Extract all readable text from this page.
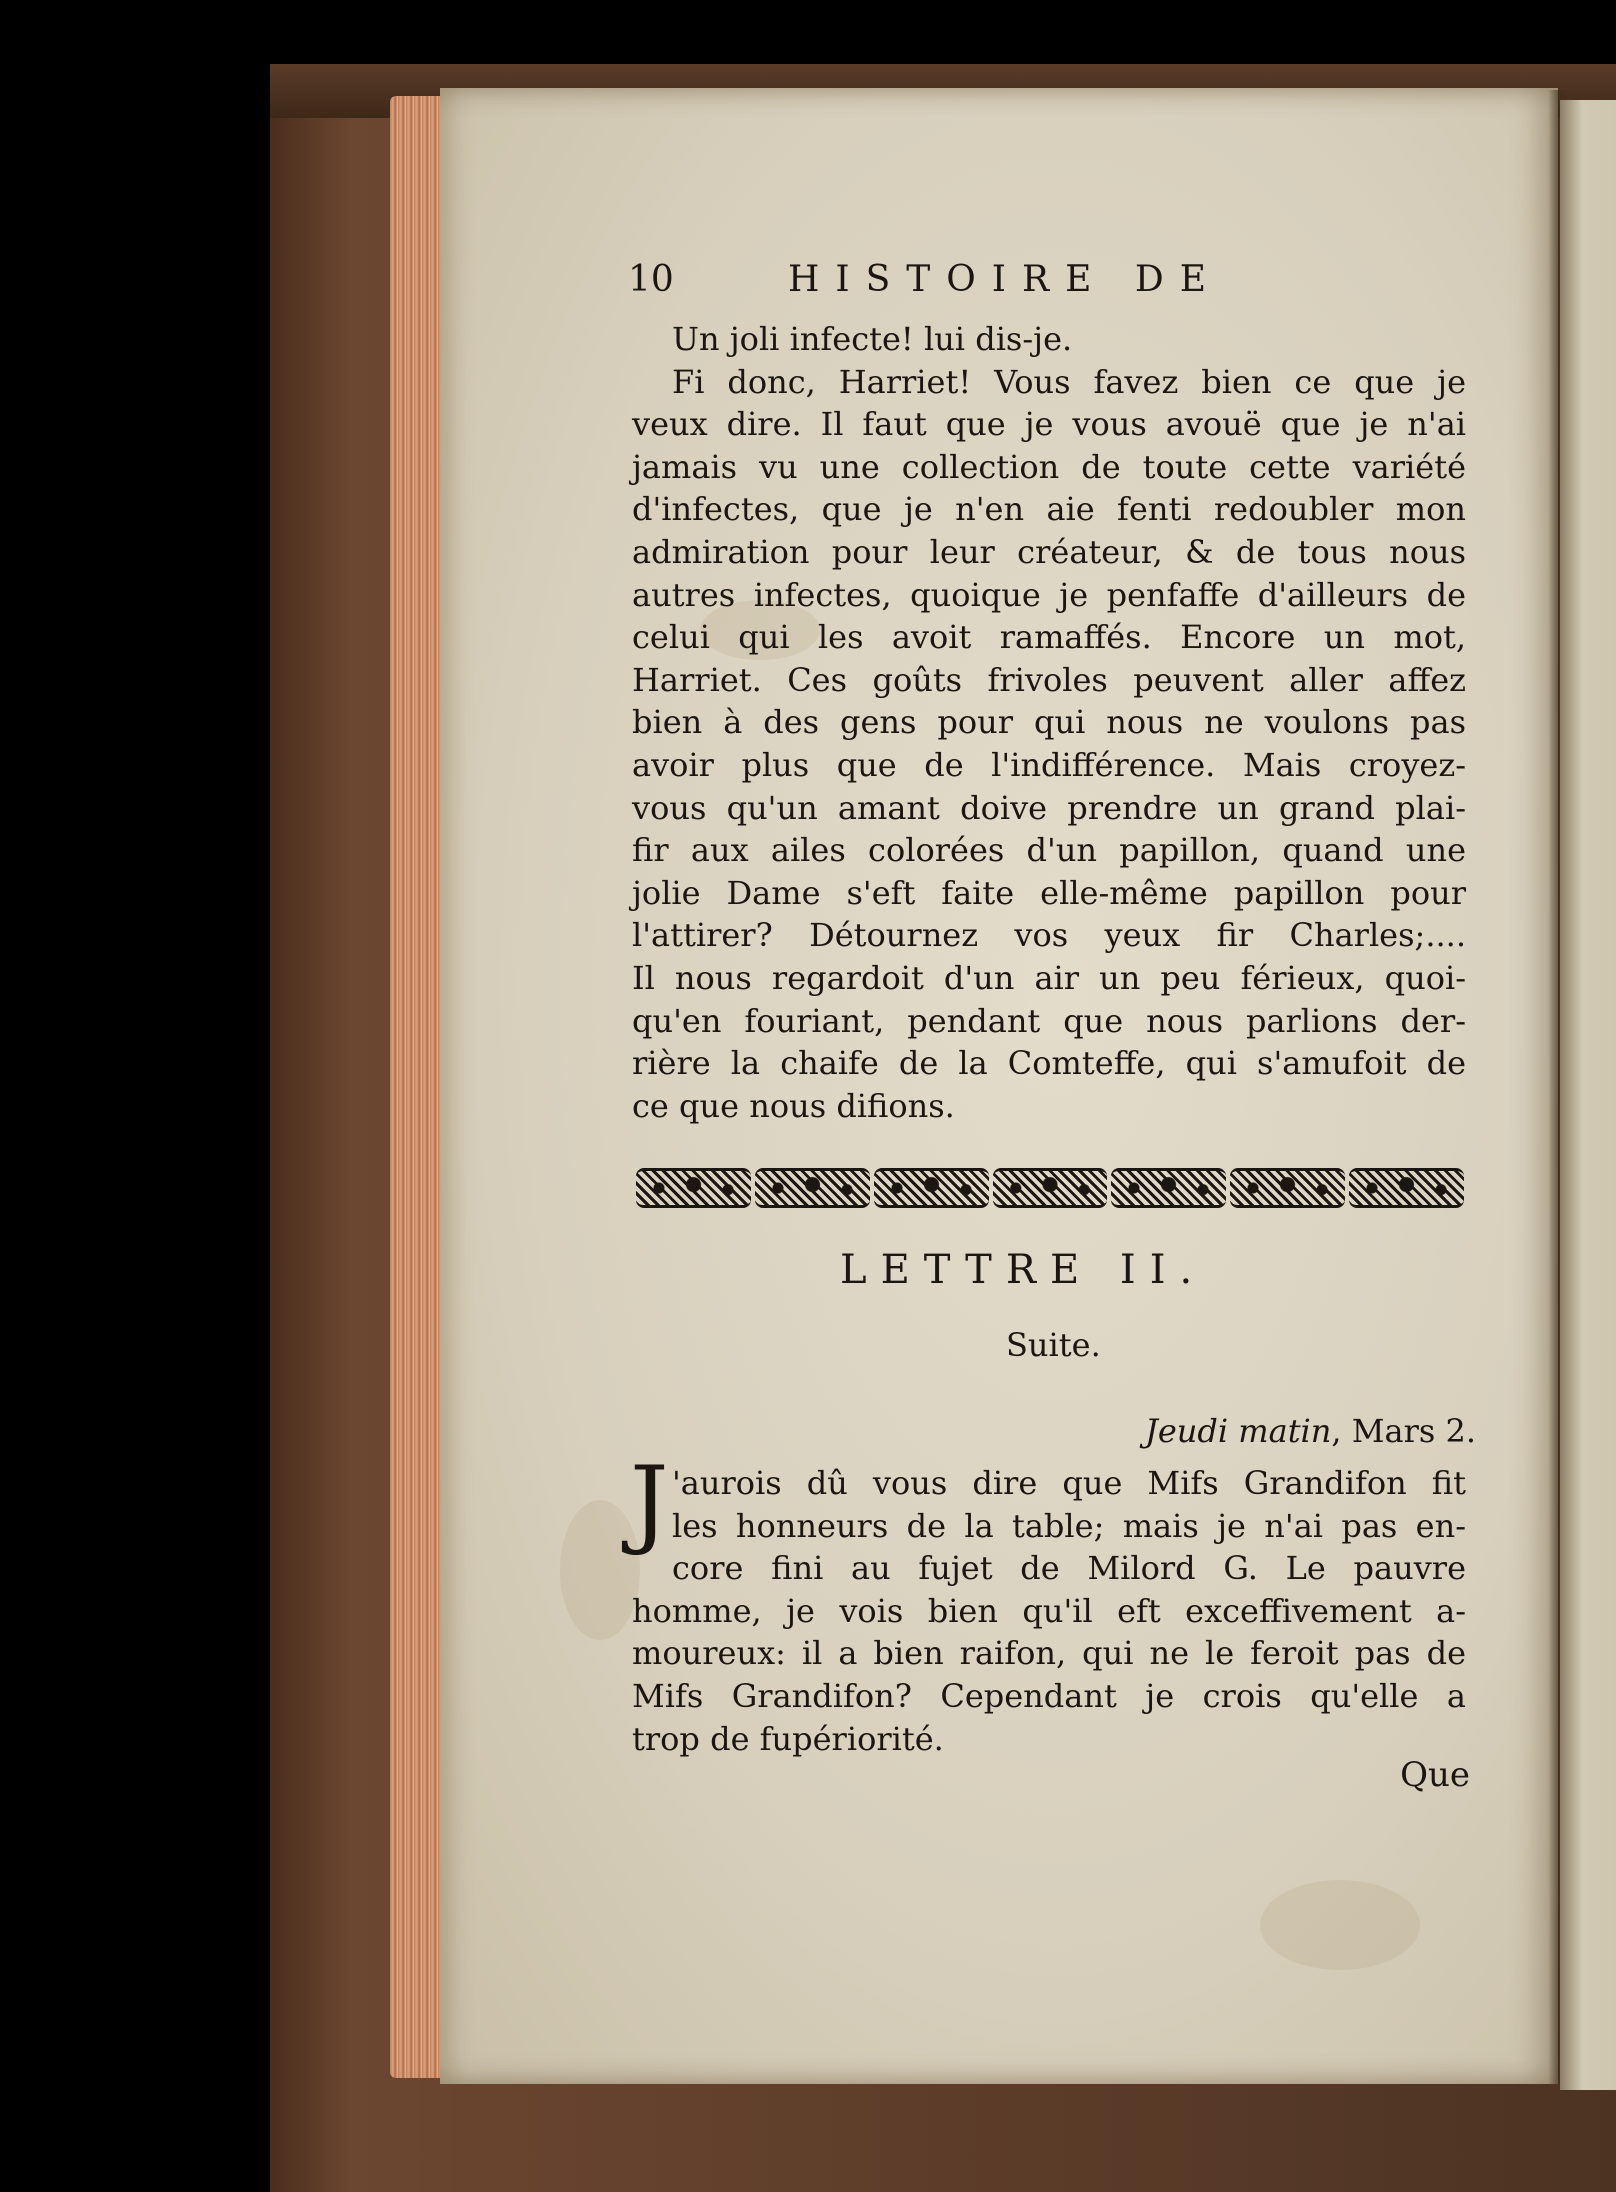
10	HISTOIRE DE
Un joli infecte! lui dis-je.
Fi donc, Harriet! Vous favez bien ce que je
veux dire. Il faut que je vous avouë que je n'ai
jamais vu une collection de toute cette variété
d'infectes, que je n'en aie fenti redoubler mon
admiration pour leur créateur, & de tous nous
autres infectes, quoique je penfaffe d'ailleurs de
celui qui les avoit ramaffés. Encore un mot,
Harriet. Ces goûts frivoles peuvent aller affez
bien à des gens pour qui nous ne voulons pas
avoir plus que de l'indifférence. Mais croyez-
vous qu'un amant doive prendre un grand plai-
fir aux ailes colorées d'un papillon, quand une
jolie Dame s'eft faite elle-même papillon pour
l'attirer? Détournez vos yeux fir Charles;....
Il nous regardoit d'un air un peu férieux, quoi-
qu'en fouriant, pendant que nous parlions der-
rière la chaife de la Comteffe, qui s'amufoit de
ce que nous difions.
LETTRE II.
Suite.
Jeudi matin, Mars 2.
J 'aurois dû vous dire que Mifs Grandifon fit
les honneurs de la table; mais je n'ai pas en-
core fini au fujet de Milord G. Le pauvre
homme, je vois bien qu'il eft exceffivement a-
moureux: il a bien raifon, qui ne le feroit pas de
Mifs Grandifon? Cependant je crois qu'elle a
trop de fupériorité.
Que
